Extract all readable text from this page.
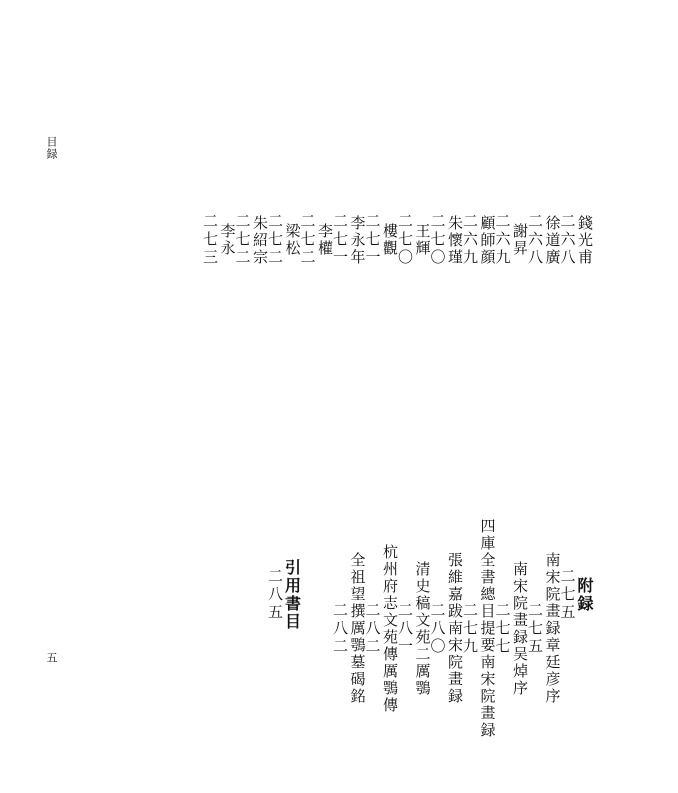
目録
五
錢光甫
二六八
徐道廣
二六八
謝昇
二六九
顧師顔
二六九
朱懷瑾
二七〇
王輝
二七〇
樓觀
二七一
李永年
二七一
李權
二七二
梁松
二七二
朱紹宗
二七二
李永
二七三
附録
二七五
南宋院畫録章廷彦序
二七五
南宋院畫録吴焯序
二七七
四庫全書總目提要南宋院畫録
二七九
張維嘉跋南宋院畫録
二八〇
清史稿文苑二厲鶚
二八一
杭州府志文苑傳厲鶚傳
二八二
全祖望撰厲鶚墓碣銘
二八二
引用書目
二八五
